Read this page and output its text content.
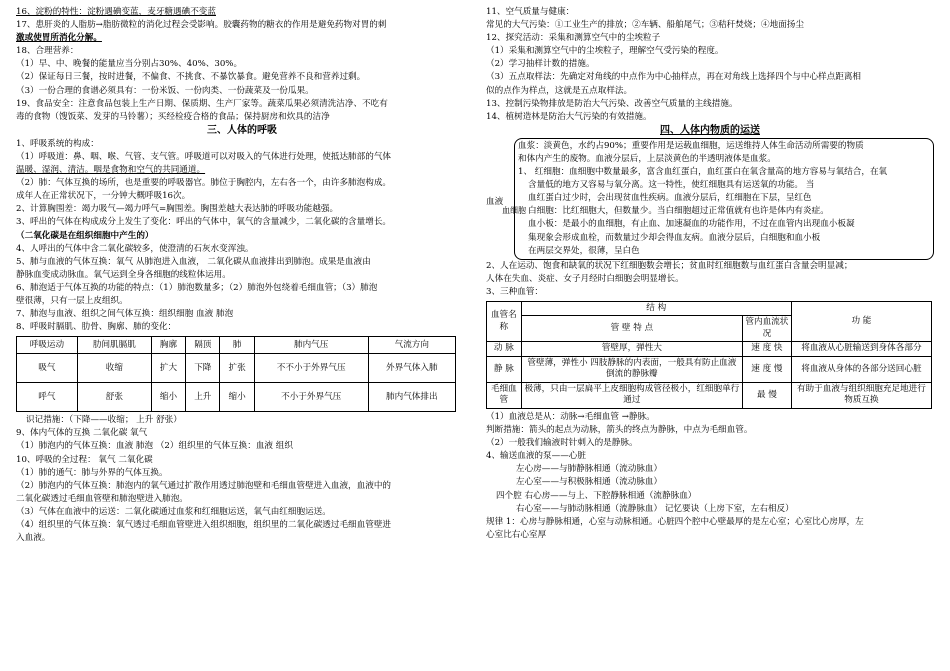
16、淀粉的特性：淀粉遇碘变蓝，麦牙糖遇碘不变蓝
17、患肝炎的人脂肪→脂肪微粒的消化过程会受影响。胶囊药物的糖衣的作用是避免药物对胃的刺
激或使胃所消化分解。
18、合理营养：
（1）早、中、晚餐的能量应当分别占30%、40%、30%。
（2）保证每日三餐，按时进餐，不偏食、不挑食、不暴饮暴食。避免营养不良和营养过剩。
（3）一份合理的食谱必须具有：一份米饭、一份肉类、一份蔬菜及一份瓜果。
19、食品安全：注意食品包装上生产日期、保质期、生产厂家等。蔬菜瓜果必须清洗洁净、不吃有
毒的食物（馊饭菜、发芽的马铃薯）；买经检疫合格的食品；保持厨房和炊具的洁净
三、人体的呼吸
1、呼吸系统的构成：
（1）呼吸道：鼻、咽、喉、气管、支气管。呼吸道可以对吸入的气体进行处理，使抵达肺部的气体
温暖、湿润、清洁。咽是食物和空气的共同通道。
（2）肺：气体互换的场所，也是重要的呼吸器官。肺位于胸腔内，左右各一个，由许多肺泡构成。
成年人在正常状况下，一分钟大概呼吸16次。
2、计算胸围差：竭力吸气—竭力呼气=胸围差。胸围差越大表达肺的呼吸功能越强。
3、呼出的气体在构成成分上发生了变化：呼出的气体中，氧气的含量减少，二氧化碳的含量增长。
（二氧化碳是在组织细胞中产生的）
4、人呼出的气体中含二氧化碳较多，使澄清的石灰水变浑浊。
5、肺与血液的气体互换：氧气 从肺泡进入血液， 二氧化碳从血液排出到肺泡。成果是血液由
静脉血变成动脉血。氧气运到全身各细胞的线粒体运用。
6、肺泡适于气体互换的功能的特点：（1）肺泡数量多；（2）肺泡外包绕着毛细血管；（3）肺泡
壁很薄，只有一层上皮组织。
7、肺泡与血液、组织之间气体互换：组织细胞 血液 肺泡
8、呼吸时膈肌、肋骨、胸廓、肺的变化：
呼吸运动	肋间肌膈肌	胸廓	隔顶	肺	肺内气压	气流方向
吸气	收缩	扩大	下降	扩张	不不小于外界气压	外界气体入肺
呼气	舒张	缩小	上升	缩小	不小于外界气压	肺内气体排出
识记措施：（下降——收缩； 上升 舒张）
9、体内气体的互换 二氧化碳 氧气
（1）肺泡内的气体互换：血液 肺泡 （2）组织里的气体互换：血液 组织
10、呼吸的全过程： 氧气 二氧化碳
（1）肺的通气：肺与外界的气体互换。
（2）肺泡内的气体互换：肺泡内的氧气通过扩散作用透过肺泡壁和毛细血管壁进入血液，血液中的
二氧化碳透过毛细血管壁和肺泡壁进入肺泡。
（3）气体在血液中的运送：二氧化碳通过血浆和红细胞运送，氧气由红细胞运送。
（4）组织里的气体互换：氧气透过毛细血管壁进入组织细胞，组织里的二氧化碳透过毛细血管壁进
入血液。
11、空气质量与健康：
常见的大气污染：①工业生产的排放；②车辆、船舶尾气；③秸秆焚烧；④地面扬尘
12、探究活动：采集和测算空气中的尘埃粒子
（1）采集和测算空气中的尘埃粒子，理解空气受污染的程度。
（2）学习抽样计数的措施。
（3）五点取样法：先确定对角线的中点作为中心抽样点，再在对角线上选择四个与中心样点距离相
似的点作为样点，这就是五点取样法。
13、控制污染物排放是防治大气污染、改善空气质量的主线措施。
14、植树造林是防治大气污染的有效措施。
四、人体内物质的运送
血液
血细胞
血浆：淡黄色，水约占90%；重要作用是运载血细胞，运送维持人体生命活动所需要的物质
和体内产生的废物。血液分层后，上层淡黄色的半透明液体是血浆。
1、 红细胞：血细胞中数量最多，富含血红蛋白，血红蛋白在氧含量高的地方容易与氧结合，在氧
含量低的地方又容易与氧分离。这一特性，使红细胞具有运送氧的功能。 当
血红蛋白过少时，会出现贫血性疾病。血液分层后，红细胞在下层，呈红色
白细胞：比红细胞大，但数量少。当白细胞超过正常值就有也许是体内有炎症。
血小板：是最小的血细胞，有止血、加速凝血的功能作用，不过在血管内出现血小板凝
集现象会形成血栓，而数量过少却会得血友病。血液分层后，白细胞和血小板
在两层交界处，很薄，呈白色
2、人在运动、饱食和缺氧的状况下红细胞数会增长；贫血时红细胞数与血红蛋白含量会明显减；
人体在失血、炎症、女子月经时白细胞会明显增长。
3、三种血管：
血管名称	结 构		功 能
	管 壁 特 点	管内血流状况	
动 脉	管壁厚，弹性大	速 度 快	将血液从心脏输送到身体各部分
静 脉	管壁薄，弹性小 四肢静脉的内表面，一般具有防止血液倒流的静脉瓣	速 度 慢	将血液从身体的各部分送回心脏
毛细血管	极薄，只由一层扁平上皮细胞构成管径极小，红细胞单行通过	最 慢	有助于血液与组织细胞充足地进行物质互换
（1）血液总是从：动脉→毛细血管 →静脉。
判断措施：箭头的起点为动脉，箭头的终点为静脉，中点为毛细血管。
（2）一般我们输液时针刺入的是静脉。
4、输送血液的泵——心脏
左心房——与肺静脉相通（流动脉血）
左心室——与积极脉相通（流动脉血）
四个腔 右心房——与上、下腔静脉相通（流静脉血）
右心室——与肺动脉相通（流静脉血） 记忆要诀（上房下室，左右相反）
规律 1：心房与静脉相通，心室与动脉相通。心脏四个腔中心壁最厚的是左心室；心室比心房厚，左
心室比右心室厚
